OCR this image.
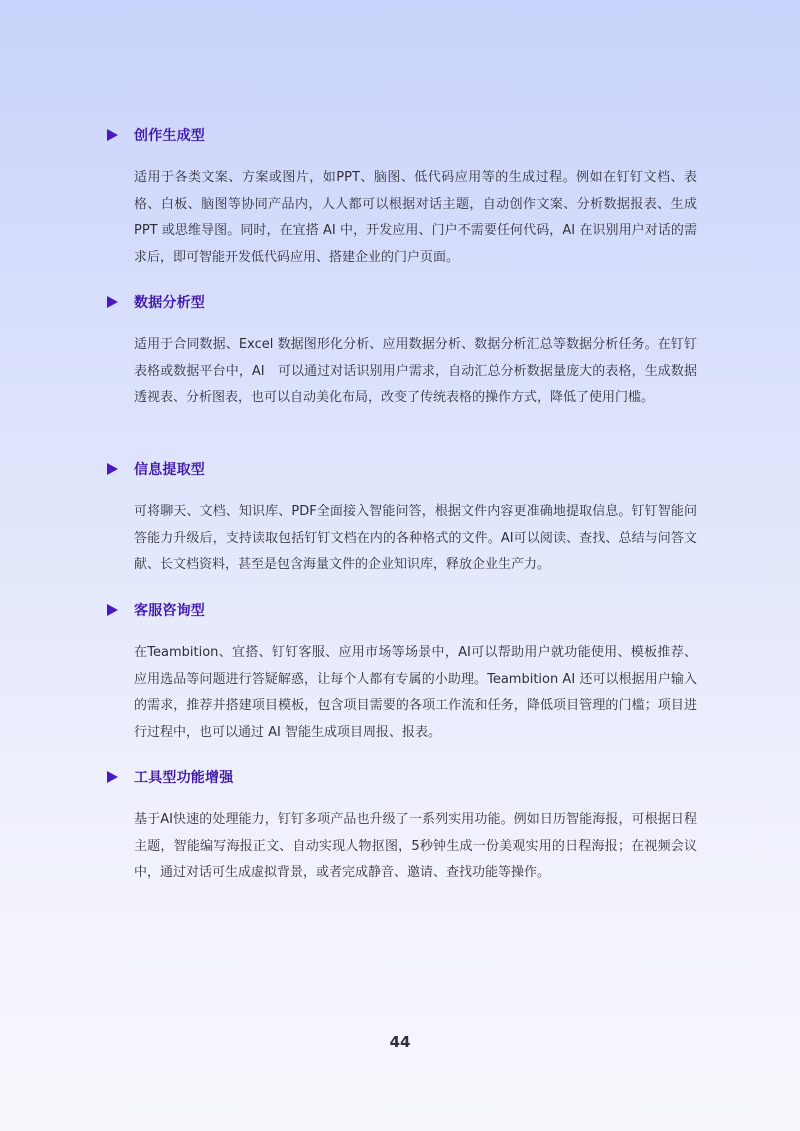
创作生成型

适用于各类文案、方案或图片，如PPT、脑图、低代码应用等的生成过程。例如在钉钉文档、表格、白板、脑图等协同产品内，人人都可以根据对话主题，自动创作文案、分析数据报表、生成 PPT 或思维导图。同时，在宜搭 AI 中，开发应用、门户不需要任何代码，AI 在识别用户对话的需求后，即可智能开发低代码应用、搭建企业的门户页面。

数据分析型

适用于合同数据、Excel 数据图形化分析、应用数据分析、数据分析汇总等数据分析任务。在钉钉表格或数据平台中，AI　可以通过对话识别用户需求，自动汇总分析数据量庞大的表格，生成数据透视表、分析图表，也可以自动美化布局，改变了传统表格的操作方式，降低了使用门槛。

信息提取型

可将聊天、文档、知识库、PDF全面接入智能问答，根据文件内容更准确地提取信息。钉钉智能问答能力升级后，支持读取包括钉钉文档在内的各种格式的文件。AI可以阅读、查找、总结与问答文献、长文档资料，甚至是包含海量文件的企业知识库，释放企业生产力。

客服咨询型

在Teambition、宜搭、钉钉客服、应用市场等场景中，AI可以帮助用户就功能使用、模板推荐、应用选品等问题进行答疑解惑，让每个人都有专属的小助理。Teambition AI 还可以根据用户输入的需求，推荐并搭建项目模板，包含项目需要的各项工作流和任务，降低项目管理的门槛；项目进行过程中，也可以通过 AI 智能生成项目周报、报表。

工具型功能增强

基于AI快速的处理能力，钉钉多项产品也升级了一系列实用功能。例如日历智能海报，可根据日程主题，智能编写海报正文、自动实现人物抠图，5秒钟生成一份美观实用的日程海报；在视频会议中，通过对话可生成虚拟背景，或者完成静音、邀请、查找功能等操作。

44
